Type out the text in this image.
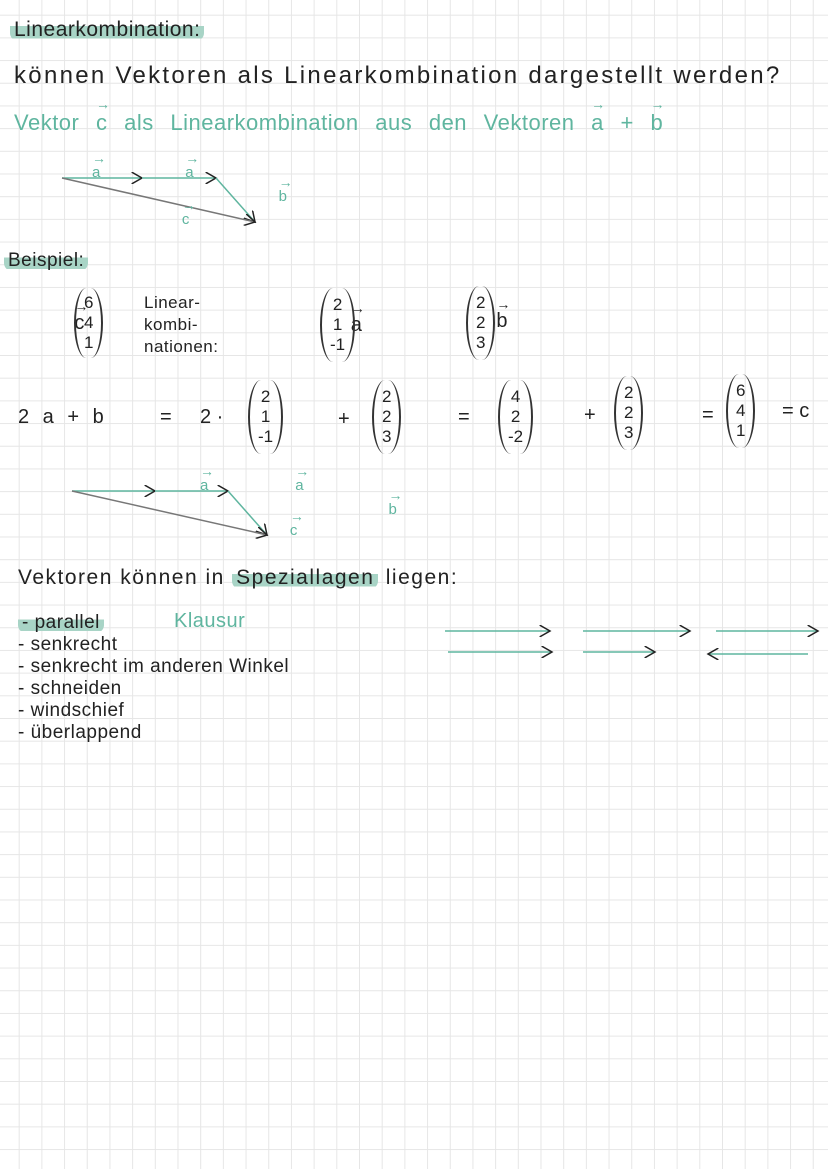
Linearkombination:
können Vektoren als Linearkombination dargestellt werden?
Vektor → c als Linearkombination aus den Vektoren → a + → b
→ a	→ a → b → c
Beispiel:
→ c
6
4
1
Linear-
kombi-
nationen:
→ a
2
1
-1
→ b
2
2
3
2 a + b	= 2 ·
2
1
-1
+
2
2
3
=
4
2
-2
+
2
2
3
=
6
4
1
= c
→ a	→ a → b → c
Vektoren können in Speziallagen liegen:
- parallel
- senkrecht
- senkrecht im anderen Winkel
- schneiden
- windschief
- überlappend
Klausur
